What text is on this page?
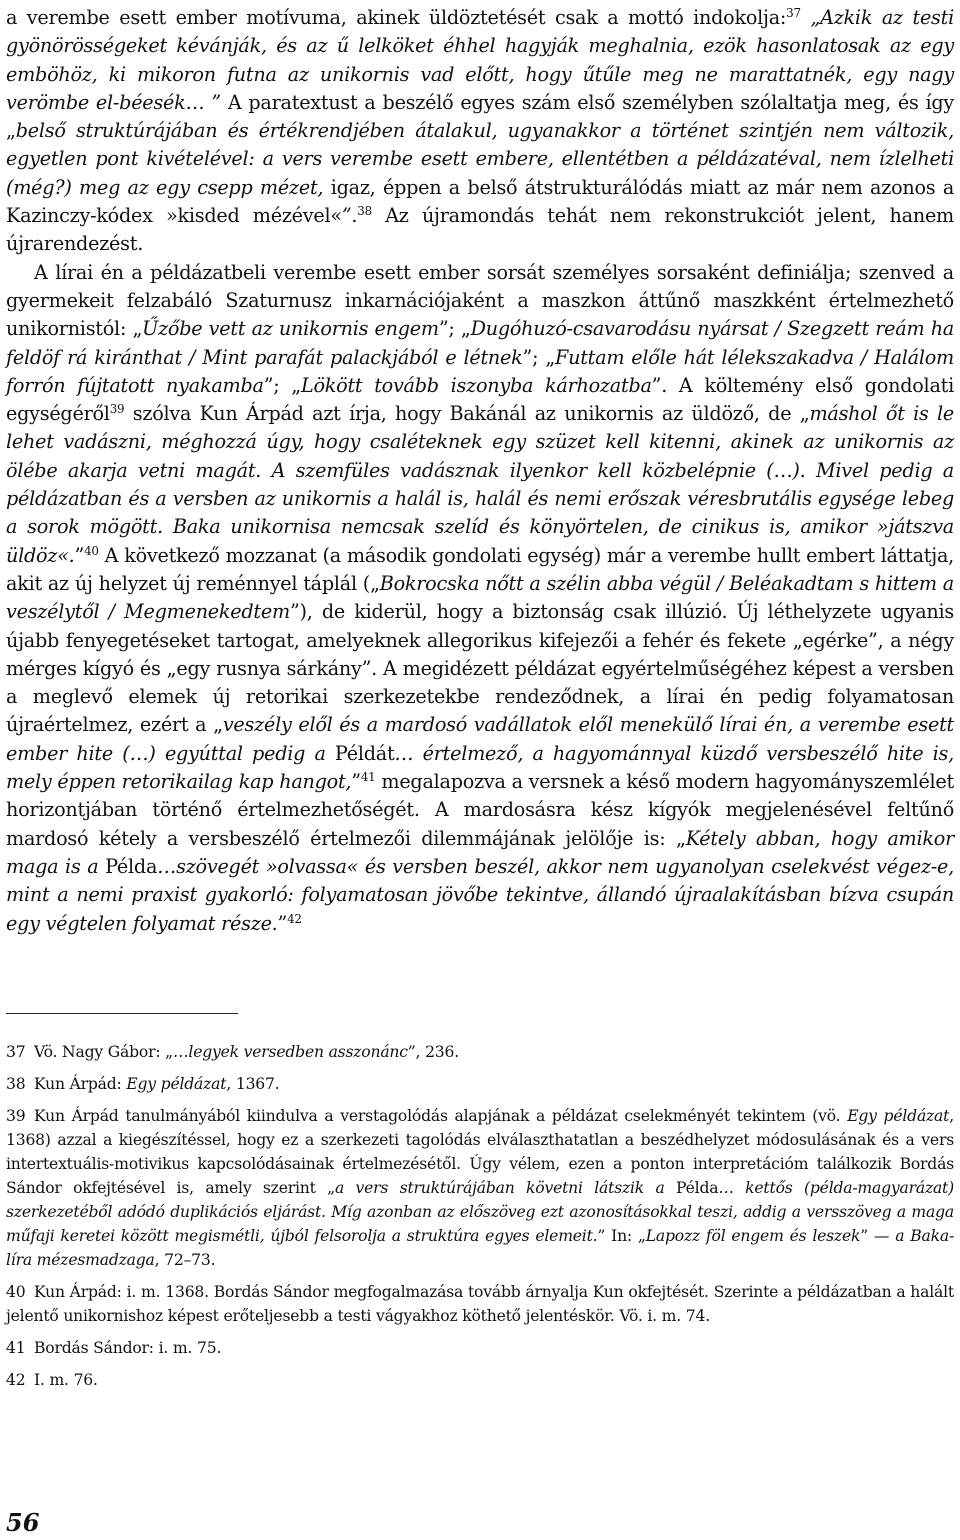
a verembe esett ember motívuma, akinek üldöztetését csak a mottó indokolja:$^{37}$ „Azkik az testi gyönörösségeket kévánják, és az ű lelköket éhhel hagyják meghalnia, ezök hasonlatosak az egy emböhöz, ki mikoron futna az unikornis vad előtt, hogy űtűle meg ne marattatnék, egy nagy verömbe el-béesék… ” A paratextust a beszélő egyes szám első személyben szólaltatja meg, és így „belső struktúrájában és értékrendjében átalakul, ugyanakkor a történet szintjén nem változik, egyetlen pont kivételével: a vers verembe esett embere, ellentétben a példázatéval, nem ízlelheti (még?) meg az egy csepp mézet, igaz, éppen a belső átstrukturálódás miatt az már nem azonos a Kazinczy-kódex »kisded mézével«”.$^{38}$ Az újramondás tehát nem rekonstrukciót jelent, hanem újrarendezést.

A lírai én a példázatbeli verembe esett ember sorsát személyes sorsaként definiálja; szenved a gyermekeit felzabáló Szaturnusz inkarnációjaként a maszkon áttűnő maszkként értelmezhető unikornistól: „Űzőbe vett az unikornis engem”; „Dugóhuzó-csavarodásu nyársat / Szegzett reám ha feldöf rá kiránthat / Mint parafát palackjából e létnek”; „Futtam előle hát lélekszakadva / Halálom forrón fújtatott nyakamba”; „Lökött tovább iszonyba kárhozatba”. A költemény első gondolati egységéről$^{39}$ szólva Kun Árpád azt írja, hogy Bakánál az unikornis az üldöző, de „máshol őt is le lehet vadászni, méghozzá úgy, hogy csaléteknek egy szüzet kell kitenni, akinek az unikornis az ölébe akarja vetni magát. A szemfüles vadásznak ilyenkor kell közbelépnie (…). Mivel pedig a példázatban és a versben az unikornis a halál is, halál és nemi erőszak véresbrutális egysége lebeg a sorok mögött. Baka unikornisa nemcsak szelíd és könyörtelen, de cinikus is, amikor »játszva üldöz«.”$^{40}$ A következő mozzanat (a második gondolati egység) már a verembe hullt embert láttatja, akit az új helyzet új reménnyel táplál („Bokrocska nőtt a szélin abba végül / Beléakadtam s hittem a veszélytől / Megmenekedtem”), de kiderül, hogy a biztonság csak illúzió. Új léthelyzete ugyanis újabb fenyegetéseket tartogat, amelyeknek allegorikus kifejezői a fehér és fekete „egérke”, a négy mérges kígyó és „egy rusnya sárkány”. A megidézett példázat egyértelműségéhez képest a versben a meglevő elemek új retorikai szerkezetekbe rendeződnek, a lírai én pedig folyamatosan újraértelmez, ezért a „veszély elől és a mardosó vadállatok elől menekülő lírai én, a verembe esett ember hite (…) egyúttal pedig a Példát… értelmező, a hagyománnyal küzdő versbeszélő hite is, mely éppen retorikailag kap hangot,”$^{41}$ megalapozva a versnek a késő modern hagyományszemlélet horizontjában történő értelmezhetőségét. A mardosásra kész kígyók megjelenésével feltűnő mardosó kétely a versbeszélő értelmezői dilemmájának jelölője is: „Kétely abban, hogy amikor maga is a Példa…szövegét »olvassa« és versben beszél, akkor nem ugyanolyan cselekvést végez-e, mint a nemi praxist gyakorló: folyamatosan jövőbe tekintve, állandó újraalakításban bízva csupán egy végtelen folyamat része.”$^{42}$

37 Vö. Nagy Gábor: „…legyek versedben asszonánc”, 236.

38 Kun Árpád: Egy példázat, 1367.

39 Kun Árpád tanulmányából kiindulva a verstagolódás alapjának a példázat cselekményét tekintem (vö. Egy példázat, 1368) azzal a kiegészítéssel, hogy ez a szerkezeti tagolódás elválaszthatatlan a beszédhelyzet módosulásának és a vers intertextuális-motivikus kapcsolódásainak értelmezésétől. Úgy vélem, ezen a ponton interpretációm találkozik Bordás Sándor okfejtésével is, amely szerint „a vers struktúrájában követni látszik a Példa… kettős (példa-magyarázat) szerkezetéből adódó duplikációs eljárást. Míg azonban az előszöveg ezt azonosításokkal teszi, addig a versszöveg a maga műfaji keretei között megismétli, újból felsorolja a struktúra egyes elemeit.” In: „Lapozz föl engem és leszek” — a Baka-líra mézesmadzaga, 72–73.

40 Kun Árpád: i. m. 1368. Bordás Sándor megfogalmazása tovább árnyalja Kun okfejtését. Szerinte a példázatban a halált jelentő unikornishoz képest erőteljesebb a testi vágyakhoz köthető jelentéskör. Vö. i. m. 74.

41 Bordás Sándor: i. m. 75.

42 I. m. 76.

56
